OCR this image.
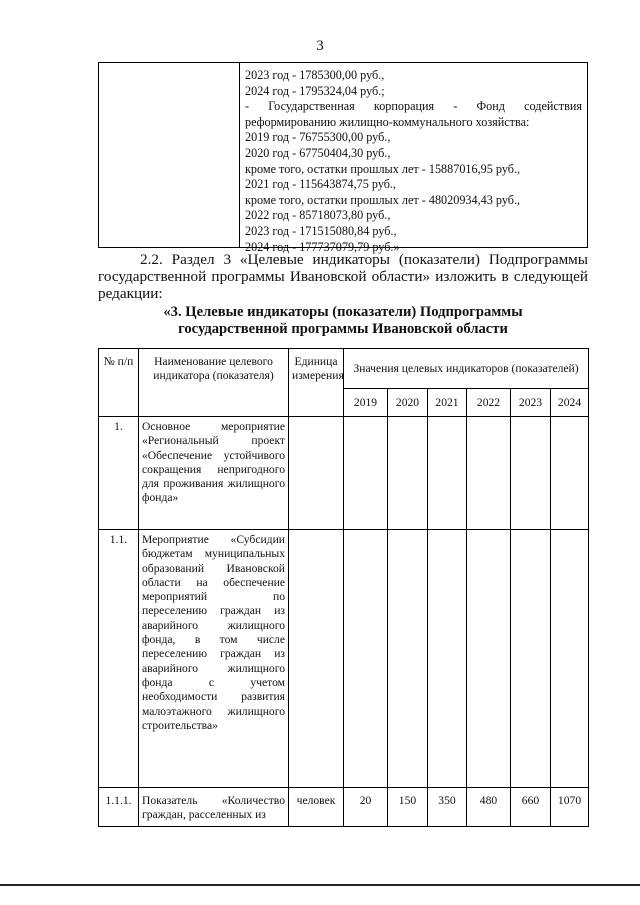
3
2023 год - 1785300,00 руб.,
2024 год - 1795324,04 руб.;
- Государственная корпорация - Фонд содействия
реформированию жилищно-коммунального хозяйства:
2019 год - 76755300,00 руб.,
2020 год - 67750404,30 руб.,
кроме того, остатки прошлых лет - 15887016,95 руб.,
2021 год - 115643874,75 руб.,
кроме того, остатки прошлых лет - 48020934,43 руб.,
2022 год - 85718073,80 руб.,
2023 год - 171515080,84 руб.,
2024 год - 177737079,79 руб.»
2.2. Раздел 3 «Целевые индикаторы (показатели) Подпрограммы государственной программы Ивановской области» изложить в следующей редакции:
«3. Целевые индикаторы (показатели) Подпрограммы
государственной программы Ивановской области
№ п/п	Наименование целевого индикатора (показателя)	Единица измерения	Значения целевых индикаторов (показателей)					
			2019	2020	2021	2022	2023	2024
1.	Основное мероприятие «Региональный проект «Обеспечение устойчивого сокращения непригодного для проживания жилищного фонда»							
1.1.	Мероприятие «Субсидии бюджетам муниципальных образований Ивановской области на обеспечение мероприятий по переселению граждан из аварийного жилищного фонда, в том числе переселению граждан из аварийного жилищного фонда с учетом необходимости развития малоэтажного жилищного строительства»							
1.1.1.	Показатель «Количество граждан, расселенных из	человек	20	150	350	480	660	1070
